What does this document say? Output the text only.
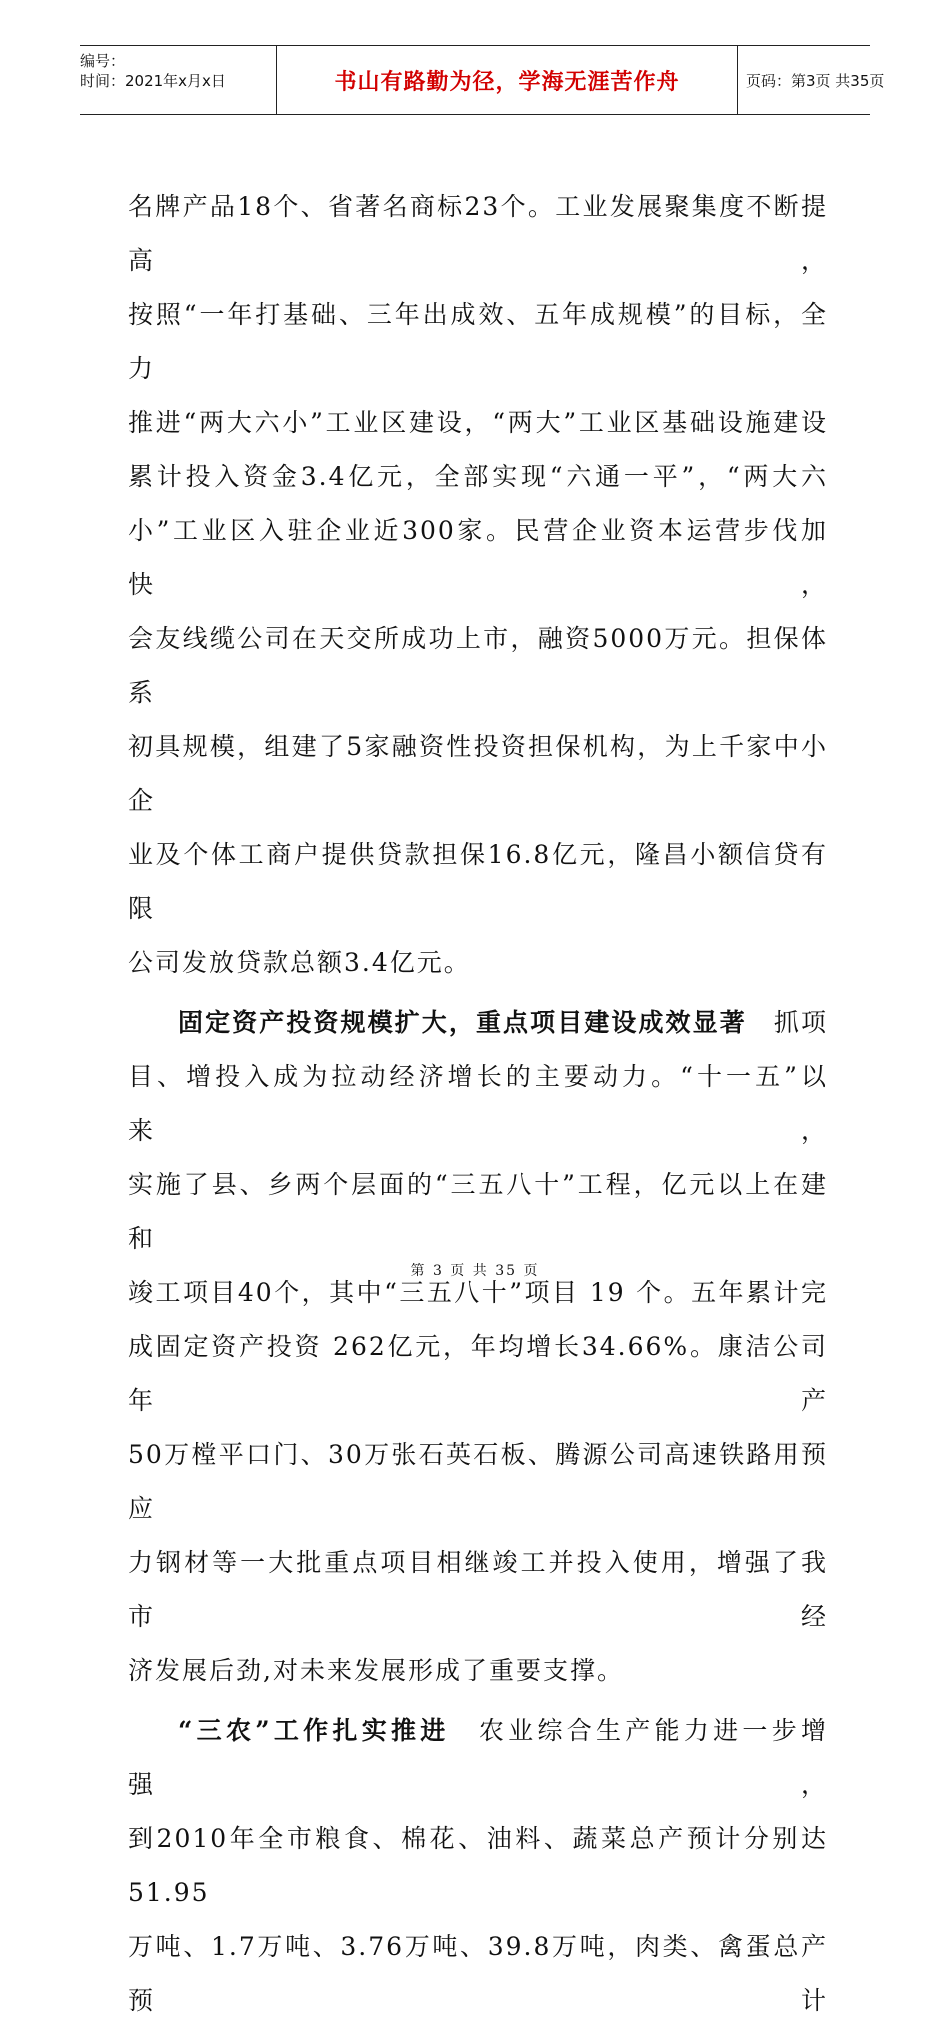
编号：
时间：2021年x月x日	书山有路勤为径，学海无涯苦作舟	页码：第3页 共35页

名牌产品18个、省著名商标23个。工业发展聚集度不断提高，

按照“一年打基础、三年出成效、五年成规模”的目标，全力

推进“两大六小”工业区建设，“两大”工业区基础设施建设

累计投入资金3.4亿元，全部实现“六通一平”，“两大六

小”工业区入驻企业近300家。民营企业资本运营步伐加快，

会友线缆公司在天交所成功上市，融资5000万元。担保体系

初具规模，组建了5家融资性投资担保机构，为上千家中小企

业及个体工商户提供贷款担保16.8亿元，隆昌小额信贷有限

公司发放贷款总额3.4亿元。

固定资产投资规模扩大，重点项目建设成效显著　抓项

目、增投入成为拉动经济增长的主要动力。“十一五”以来，

实施了县、乡两个层面的“三五八十”工程，亿元以上在建和

竣工项目40个，其中“三五八十”项目 19 个。五年累计完

成固定资产投资 262亿元，年均增长34.66%。康洁公司年产

50万樘平口门、30万张石英石板、腾源公司高速铁路用预应

力钢材等一大批重点项目相继竣工并投入使用，增强了我市经

济发展后劲,对未来发展形成了重要支撑。

“三农”工作扎实推进　农业综合生产能力进一步增强，

到2010年全市粮食、棉花、油料、蔬菜总产预计分别达51.95

万吨、1.7万吨、3.76万吨、39.8万吨，肉类、禽蛋总产预计

第 3 页 共 35 页
